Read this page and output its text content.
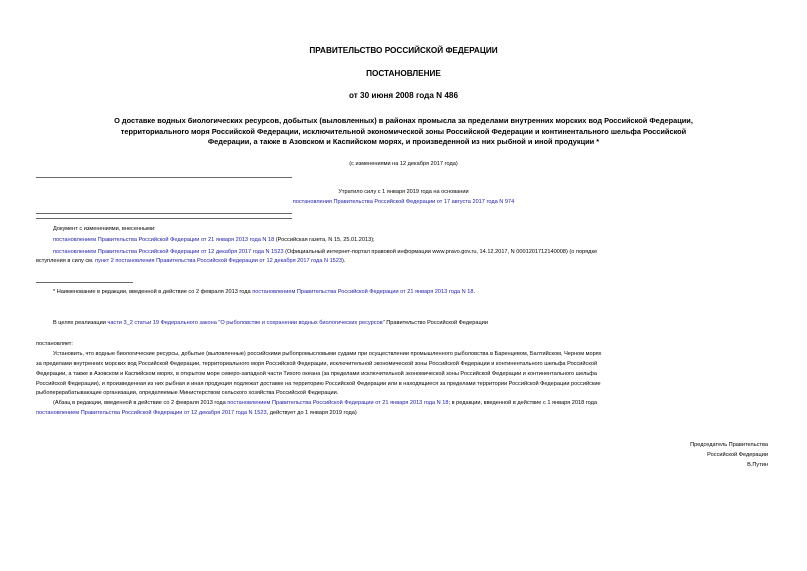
ПРАВИТЕЛЬСТВО РОССИЙСКОЙ ФЕДЕРАЦИИ
ПОСТАНОВЛЕНИЕ
от 30 июня 2008 года N 486
О доставке водных биологических ресурсов, добытых (выловленных) в районах промысла за пределами внутренних морских вод Российской Федерации,
территориального моря Российской Федерации, исключительной экономической зоны Российской Федерации и континентального шельфа Российской
Федерации, а также в Азовском и Каспийском морях, и произведенной из них рыбной и иной продукции *
(с изменениями на 12 декабря 2017 года)
Утратило силу с 1 января 2019 года на основании
постановления Правительства Российской Федерации от 17 августа 2017 года N 974
Документ с изменениями, внесенными:
постановлением Правительства Российской Федерации от 21 января 2013 года N 18 (Российская газета, N 15, 25.01.2013);
постановлением Правительства Российской Федерации от 12 декабря 2017 года N 1523 (Официальный интернет-портал правовой информации www.pravo.gov.ru, 14.12.2017, N 0001201712140008) (о порядке
вступления в силу см. пункт 2 постановления Правительства Российской Федерации от 12 декабря 2017 года N 1523).
* Наименование в редакции, введенной в действие со 2 февраля 2013 года постановлением Правительства Российской Федерации от 21 января 2013 года N 18.
В целях реализации части 3_2 статьи 19 Федерального закона "О рыболовстве и сохранении водных биологических ресурсов" Правительство Российской Федерации
постановляет:
Установить, что водные биологические ресурсы, добытые (выловленные) российскими рыбопромысловыми судами при осуществлении промышленного рыболовства в Баренцевом, Балтийском, Черном морях
за пределами внутренних морских вод Российской Федерации, территориального моря Российской Федерации, исключительной экономической зоны Российской Федерации и континентального шельфа Российской
Федерации, а также в Азовском и Каспийском морях, в открытом море северо-западной части Тихого океана (за пределами исключительной экономической зоны Российской Федерации и континентального шельфа
Российской Федерации), и произведенная из них рыбная и иная продукция подлежат доставке на территорию Российской Федерации или в находящиеся за пределами территории Российской Федерации российские
рыбоперерабатывающие организации, определяемые Министерством сельского хозяйства Российской Федерации.
(Абзац в редакции, введенной в действие со 2 февраля 2013 года постановлением Правительства Российской Федерации от 21 января 2013 года N 18; в редакции, введенной в действие с 1 января 2018 года
постановлением Правительства Российской Федерации от 12 декабря 2017 года N 1523, действует до 1 января 2019 года)
Председатель Правительства
Российской Федерации
В.Путин
